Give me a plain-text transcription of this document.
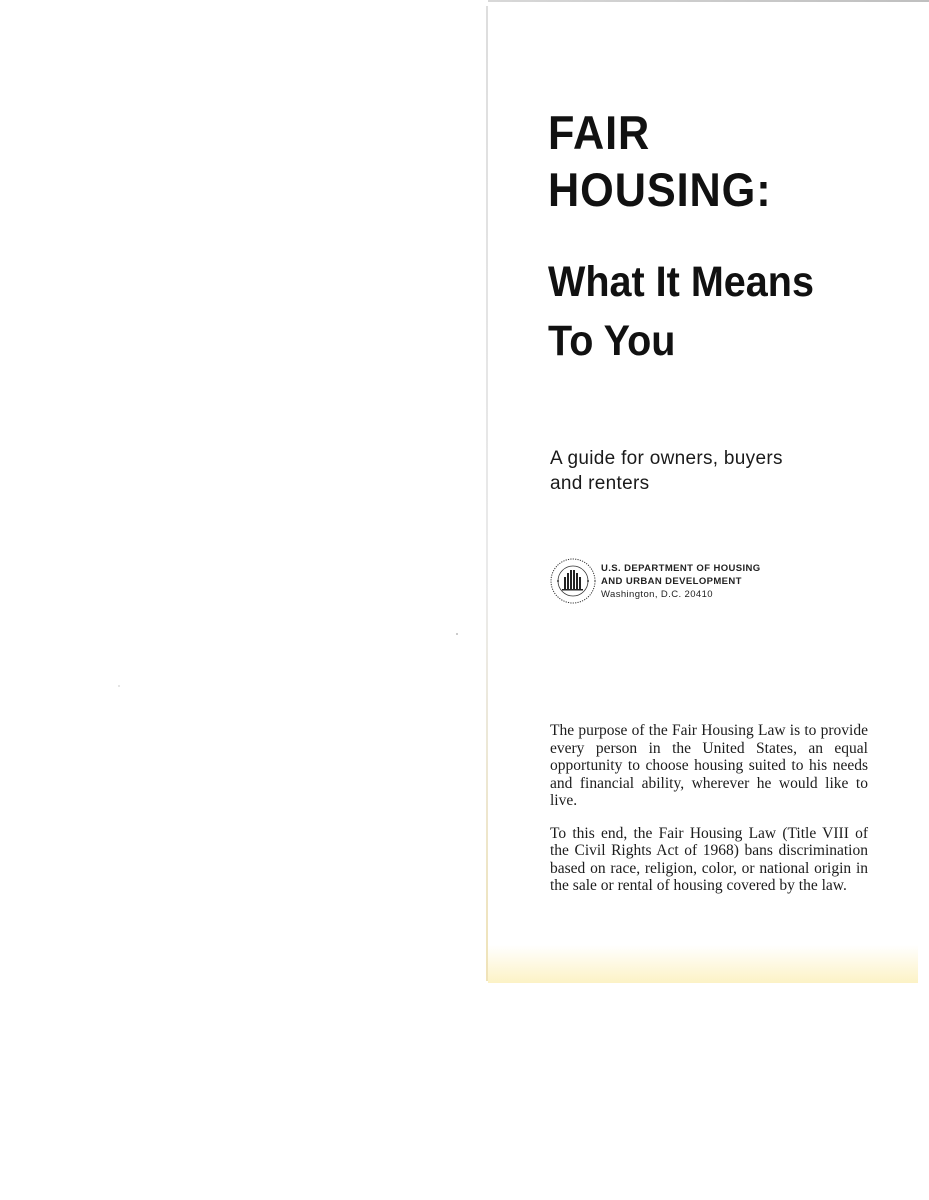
FAIR
HOUSING:
What It Means
To You
A guide for owners, buyers
and renters
U.S. DEPARTMENT OF HOUSING
AND URBAN DEVELOPMENT
Washington, D.C. 20410

The purpose of the Fair Housing Law is to provide every person in the United States, an equal opportunity to choose housing suited to his needs and financial ability, wherever he would like to live.

To this end, the Fair Housing Law (Title VIII of the Civil Rights Act of 1968) bans discrimination based on race, religion, color, or national origin in the sale or rental of housing covered by the law.
